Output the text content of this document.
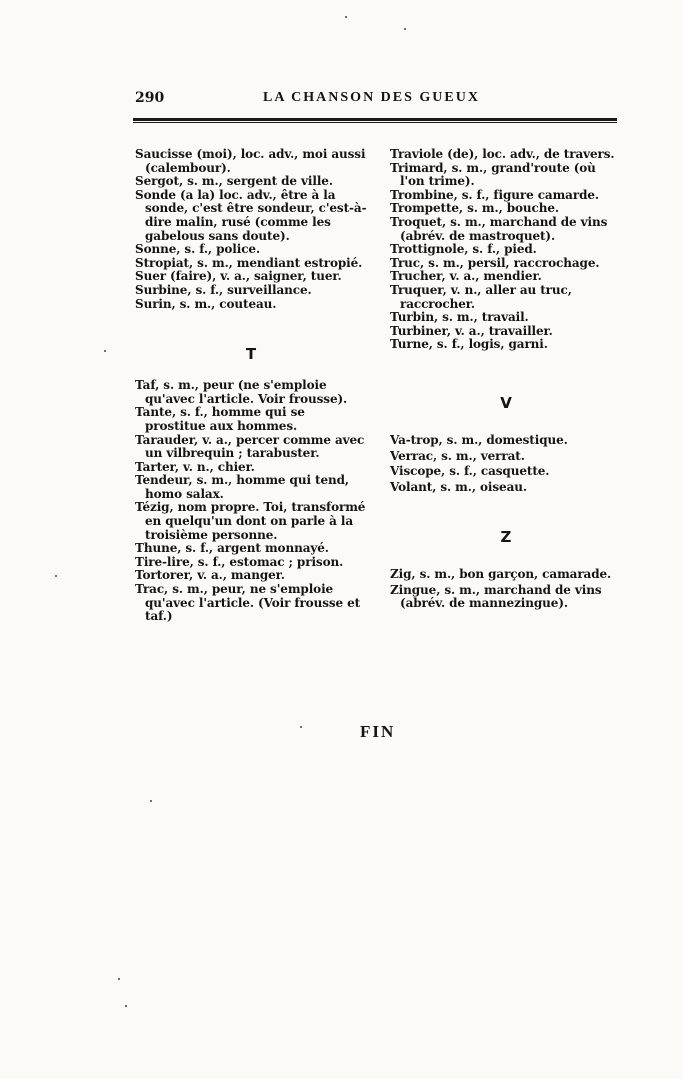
290	LA CHANSON DES GUEUX

Saucisse (moi), loc. adv., moi aussi (calembour).

Sergot, s. m., sergent de ville.

Sonde (a la) loc. adv., être à la sonde, c'est être sondeur, c'est-à-dire malin, rusé (comme les gabelous sans doute).

Sonne, s. f., police.

Stropiat, s. m., mendiant estropié.

Suer (faire), v. a., saigner, tuer.

Surbine, s. f., surveillance.

Surin, s. m., couteau.

T

Taf, s. m., peur (ne s'emploie qu'avec l'article. Voir frousse).

Tante, s. f., homme qui se prostitue aux hommes.

Tarauder, v. a., percer comme avec un vilbrequin ; tarabuster.

Tarter, v. n., chier.

Tendeur, s. m., homme qui tend, homo salax.

Tézig, nom propre. Toi, transformé en quelqu'un dont on parle à la troisième personne.

Thune, s. f., argent monnayé.

Tire-lire, s. f., estomac ; prison.

Tortorer, v. a., manger.

Trac, s. m., peur, ne s'emploie qu'avec l'article. (Voir frousse et taf.)

Traviole (de), loc. adv., de travers.

Trimard, s. m., grand'route (où l'on trime).

Trombine, s. f., figure camarde.

Trompette, s. m., bouche.

Troquet, s. m., marchand de vins (abrév. de mastroquet).

Trottignole, s. f., pied.

Truc, s. m., persil, raccrochage.

Trucher, v. a., mendier.

Truquer, v. n., aller au truc, raccrocher.

Turbin, s. m., travail.

Turbiner, v. a., travailler.

Turne, s. f., logis, garni.

V

Va-trop, s. m., domestique.

Verrac, s. m., verrat.

Viscope, s. f., casquette.

Volant, s. m., oiseau.

Z

Zig, s. m., bon garçon, camarade.

Zingue, s. m., marchand de vins (abrév. de mannezingue).

FIN
